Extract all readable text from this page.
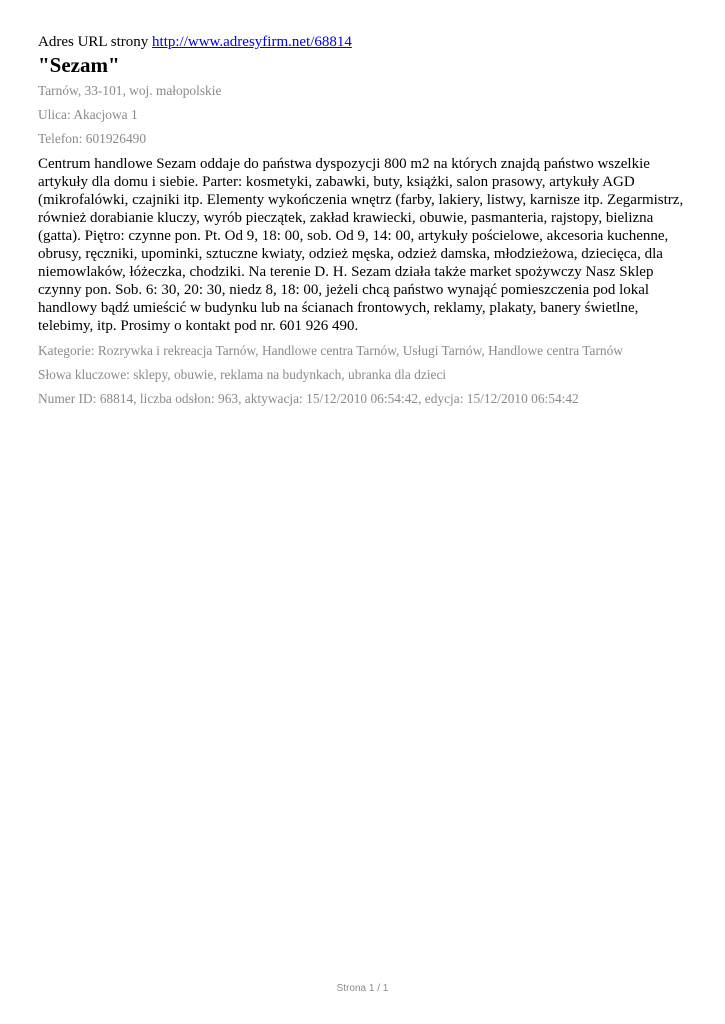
Adres URL strony http://www.adresyfirm.net/68814

"Sezam"

Tarnów, 33-101, woj. małopolskie

Ulica: Akacjowa 1

Telefon: 601926490

Centrum handlowe Sezam oddaje do państwa dyspozycji 800 m2 na których znajdą państwo wszelkie artykuły dla domu i siebie. Parter: kosmetyki, zabawki, buty, książki, salon prasowy, artykuły AGD (mikrofalówki, czajniki itp. Elementy wykończenia wnętrz (farby, lakiery, listwy, karnisze itp. Zegarmistrz, również dorabianie kluczy, wyrób pieczątek, zakład krawiecki, obuwie, pasmanteria, rajstopy, bielizna (gatta). Piętro: czynne pon. Pt. Od 9, 18: 00, sob. Od 9, 14: 00, artykuły pościelowe, akcesoria kuchenne, obrusy, ręczniki, upominki, sztuczne kwiaty, odzież męska, odzież damska, młodzieżowa, dziecięca, dla niemowlaków, łóżeczka, chodziki. Na terenie D. H. Sezam działa także market spożywczy Nasz Sklep czynny pon. Sob. 6: 30, 20: 30, niedz 8, 18: 00, jeżeli chcą państwo wynająć pomieszczenia pod lokal handlowy bądź umieścić w budynku lub na ścianach frontowych, reklamy, plakaty, banery świetlne, telebimy, itp. Prosimy o kontakt pod nr. 601 926 490.

Kategorie: Rozrywka i rekreacja Tarnów, Handlowe centra Tarnów, Usługi Tarnów, Handlowe centra Tarnów

Słowa kluczowe: sklepy, obuwie, reklama na budynkach, ubranka dla dzieci

Numer ID: 68814, liczba odsłon: 963, aktywacja: 15/12/2010 06:54:42, edycja: 15/12/2010 06:54:42

Strona 1 / 1
